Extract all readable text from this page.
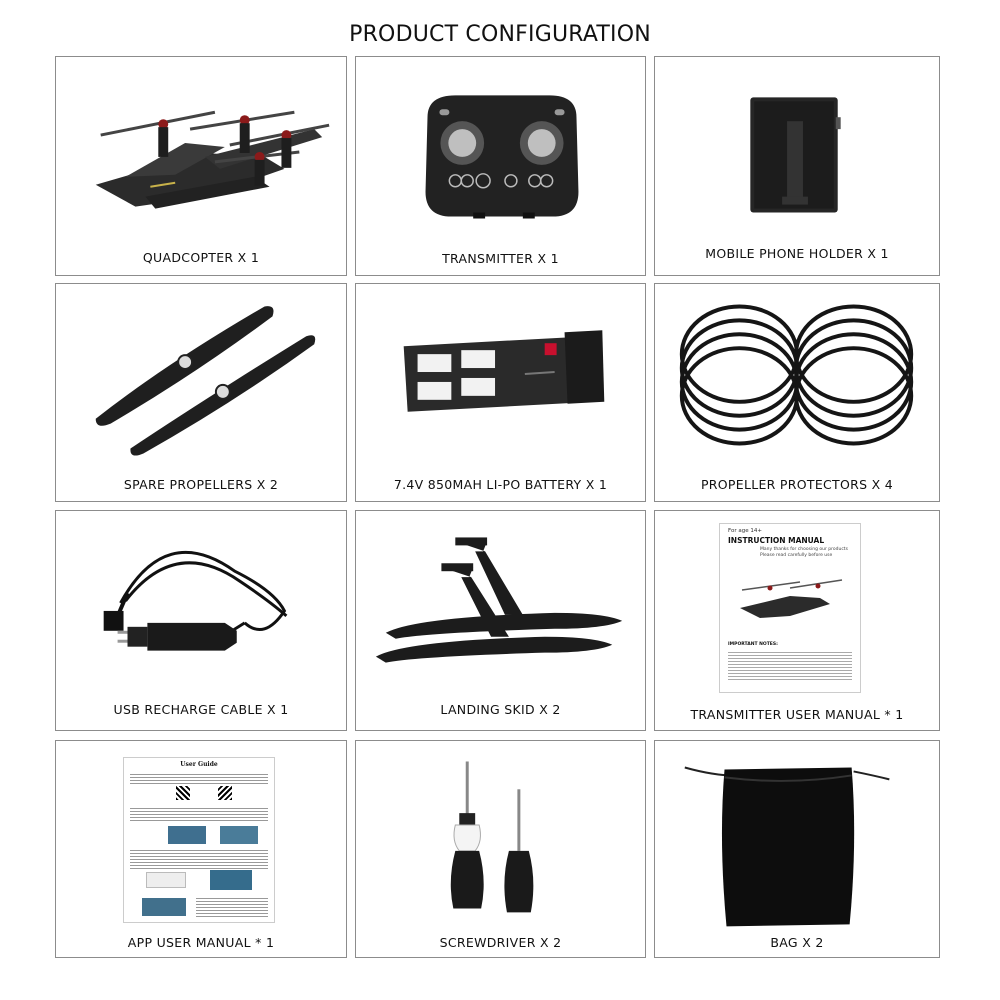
PRODUCT CONFIGURATION
QUADCOPTER X 1	TRANSMITTER X 1	MOBILE PHONE HOLDER X 1
SPARE PROPELLERS X 2	7.4V 850MAH LI-PO BATTERY X 1	PROPELLER PROTECTORS X 4
USB RECHARGE CABLE X 1	LANDING SKID X 2
For age 14+
INSTRUCTION MANUAL
Many thanks for choosing our products
Please read carefully before use
IMPORTANT NOTES:
TRANSMITTER USER MANUAL * 1
User Guide
APP USER MANUAL * 1	SCREWDRIVER X 2	BAG X 2
